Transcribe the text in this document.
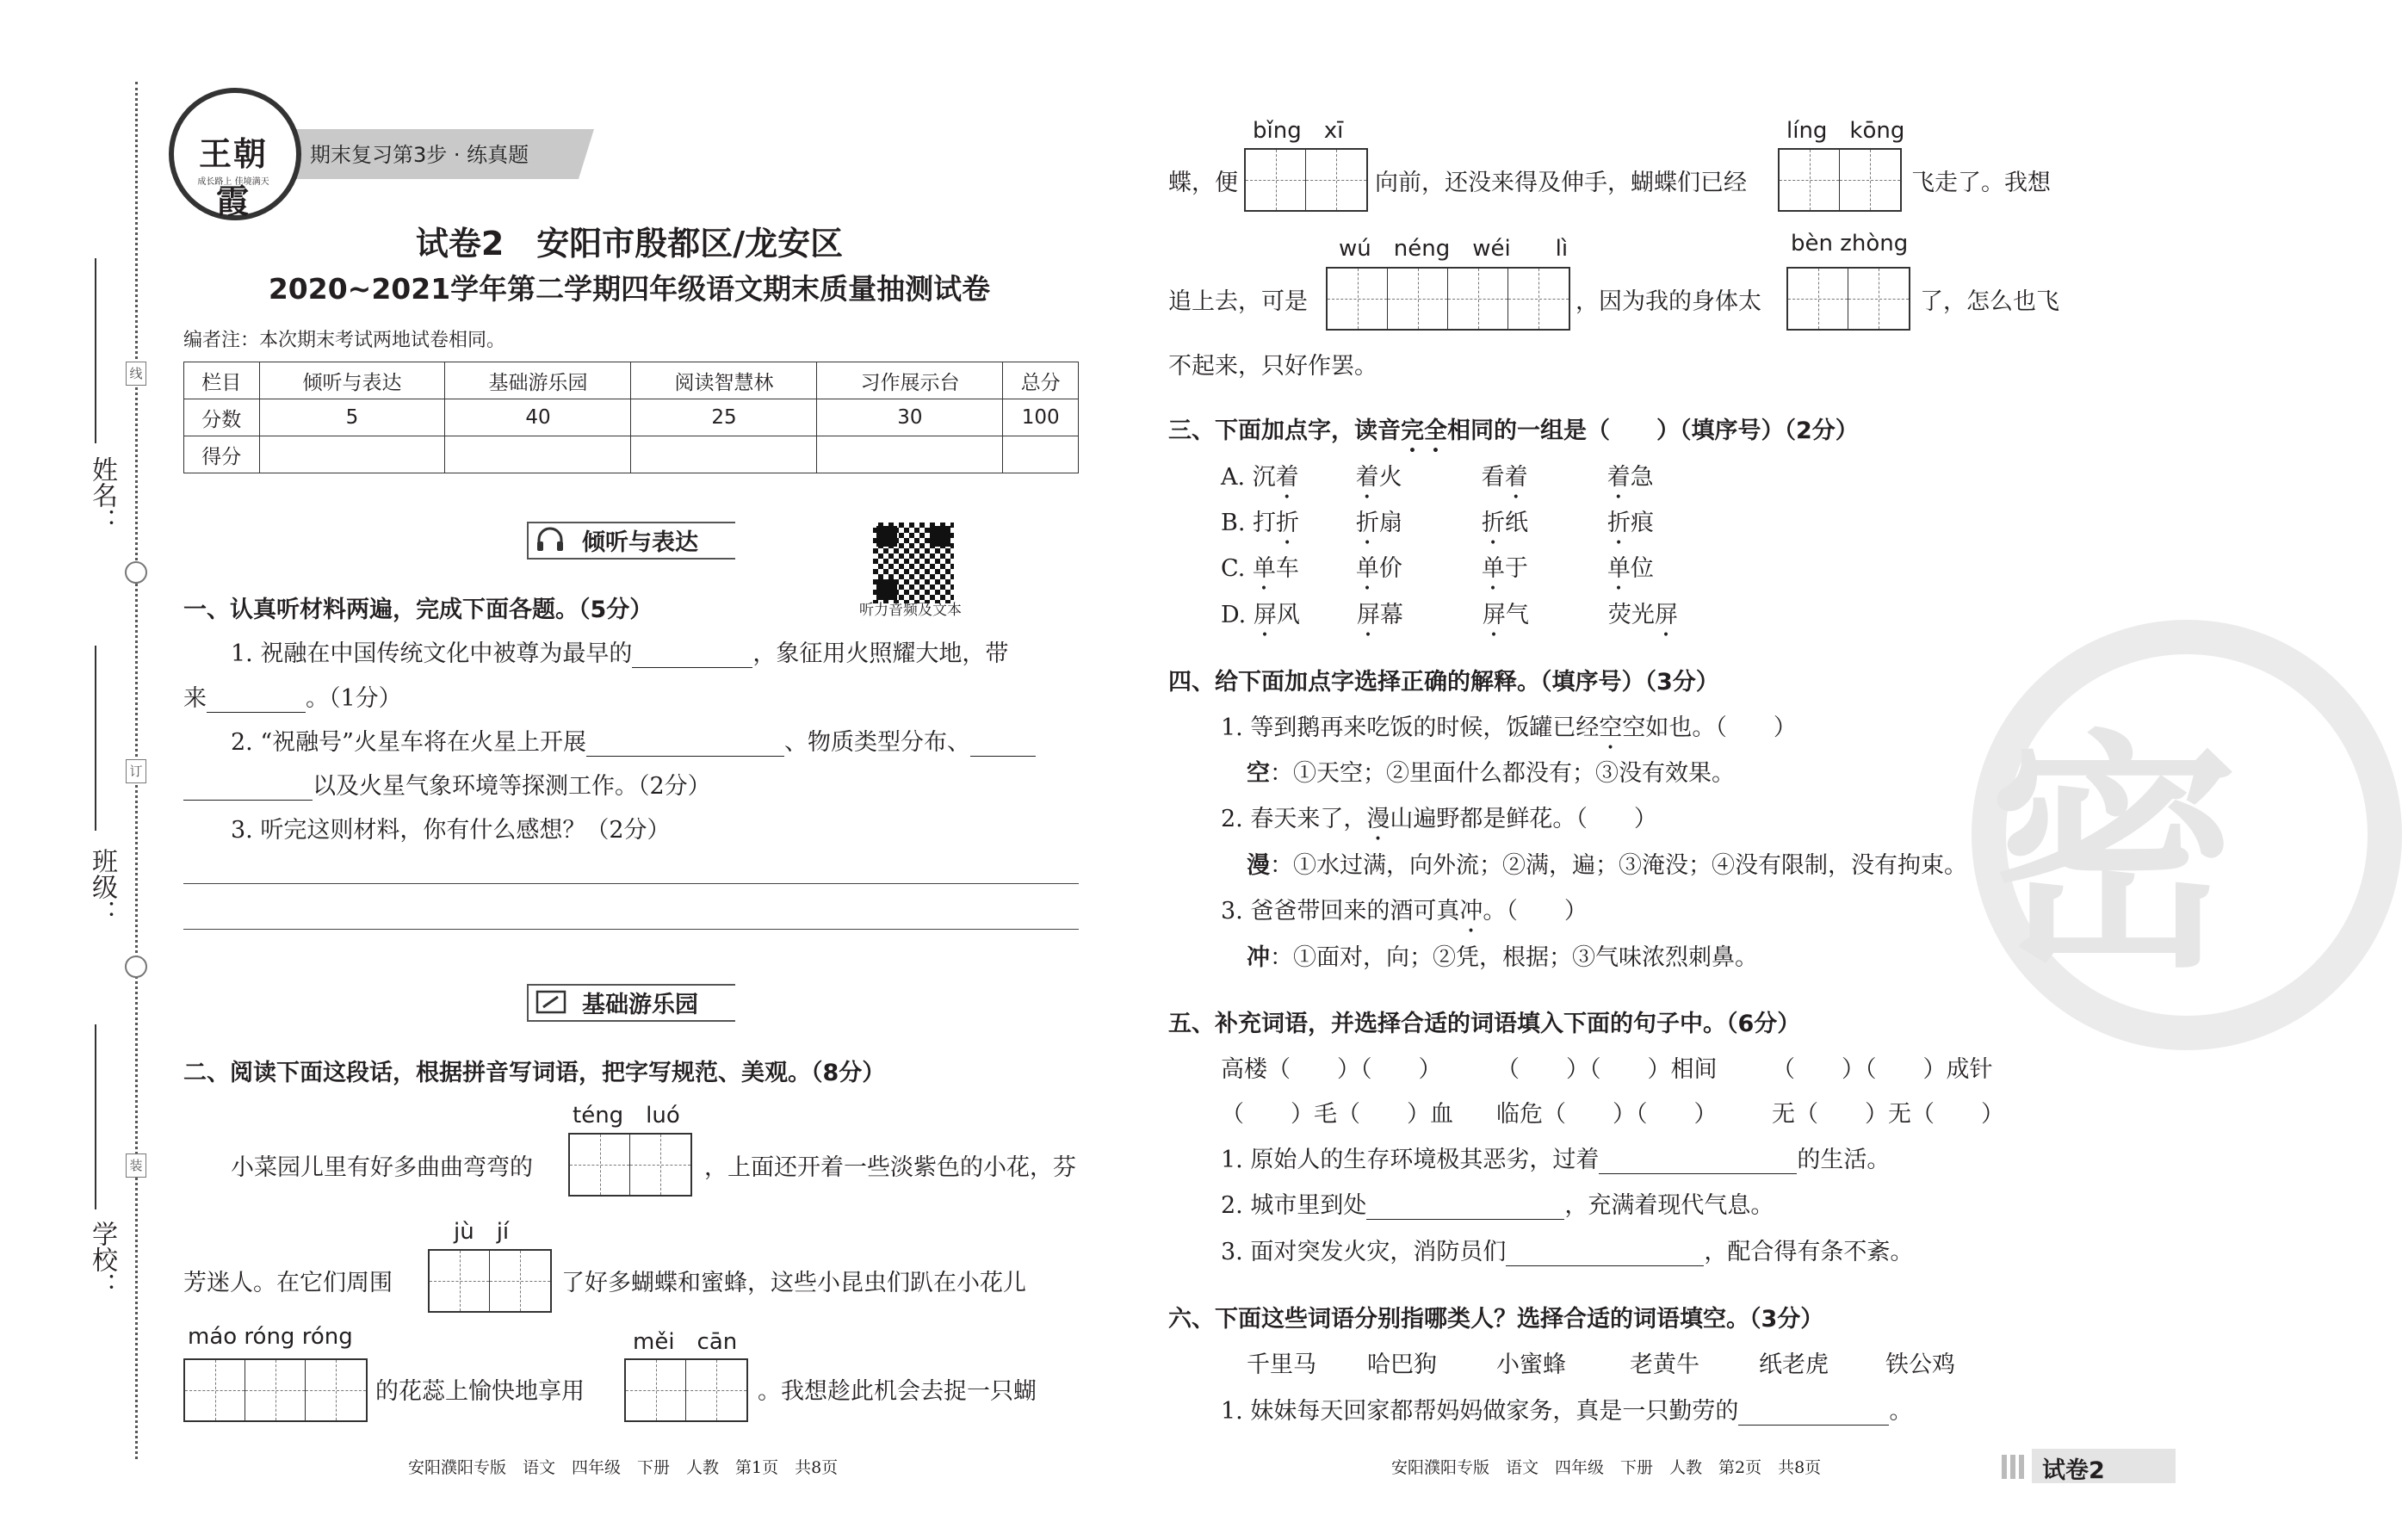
姓名：
班级：
学校：
线
订
装
期末复习第3步 · 练真题
王朝霞
成长路上 佳境满天
试卷2　安阳市殷都区/龙安区
2020~2021学年第二学期四年级语文期末质量抽测试卷
编者注：本次期末考试两地试卷相同。
栏目	倾听与表达	基础游乐园	阅读智慧林	习作展示台	总分
分数	5	40	25	30	100
得分					
倾听与表达
听力音频及文本
一、认真听材料两遍，完成下面各题。（5分）
1. 祝融在中国传统文化中被尊为最早的	，象征用火照耀大地，带
来	。（1分）
2. “祝融号”火星车将在火星上开展	、物质类型分布、
以及火星气象环境等探测工作。（2分）
3. 听完这则材料，你有什么感想？（2分）
基础游乐园
二、阅读下面这段话，根据拼音写词语，把字写规范、美观。（8分）
téng　luó
小菜园儿里有好多曲曲弯弯的	，上面还开着一些淡紫色的小花，芬
jù　jí
芳迷人。在它们周围	了好多蝴蝶和蜜蜂，这些小昆虫们趴在小花儿
máo róng róng
的花蕊上愉快地享用
měi　cān
。我想趁此机会去捉一只蝴
bǐng　xī
蝶，便	向前，还没来得及伸手，蝴蝶们已经
líng　kōng
飞走了。我想
wú　néng　wéi　　lì
追上去，可是	，因为我的身体太
bèn zhòng
了，怎么也飞
不起来，只好作罢。
三、下面加点字，读音完全相同的一组是（　　）（填序号）（2分）
A. 沉着 着火	看着	着急
B. 打折 折扇	折纸	折痕
C. 单车 单价	单于	单位
D. 屏风 屏幕	屏气	荧光屏
密
四、给下面加点字选择正确的解释。（填序号）（3分）
1. 等到鹅再来吃饭的时候，饭罐已经空空如也。（　　）
空：①天空；②里面什么都没有；③没有效果。
2. 春天来了，漫山遍野都是鲜花。（　　）
漫：①水过满，向外流；②满，遍；③淹没；④没有限制，没有拘束。
3. 爸爸带回来的酒可真冲。（　　）
冲：①面对，向；②凭，根据；③气味浓烈刺鼻。
五、补充词语，并选择合适的词语填入下面的句子中。（6分）
高楼（　　）（　　） （　　）（　　）相间 （　　）（　　）成针
（　　）毛（　　）血 临危（　　）（　　） 无（　　）无（　　）
1. 原始人的生存环境极其恶劣，过着	的生活。
2. 城市里到处	，充满着现代气息。
3. 面对突发火灾，消防员们	，配合得有条不紊。
六、下面这些词语分别指哪类人？选择合适的词语填空。（3分）
千里马 哈巴狗	小蜜蜂	老黄牛	纸老虎 铁公鸡
1. 妹妹每天回家都帮妈妈做家务，真是一只勤劳的	。
安阳濮阳专版　语文　四年级　下册　人教　第1页　共8页	安阳濮阳专版　语文　四年级　下册　人教　第2页　共8页	试卷2
